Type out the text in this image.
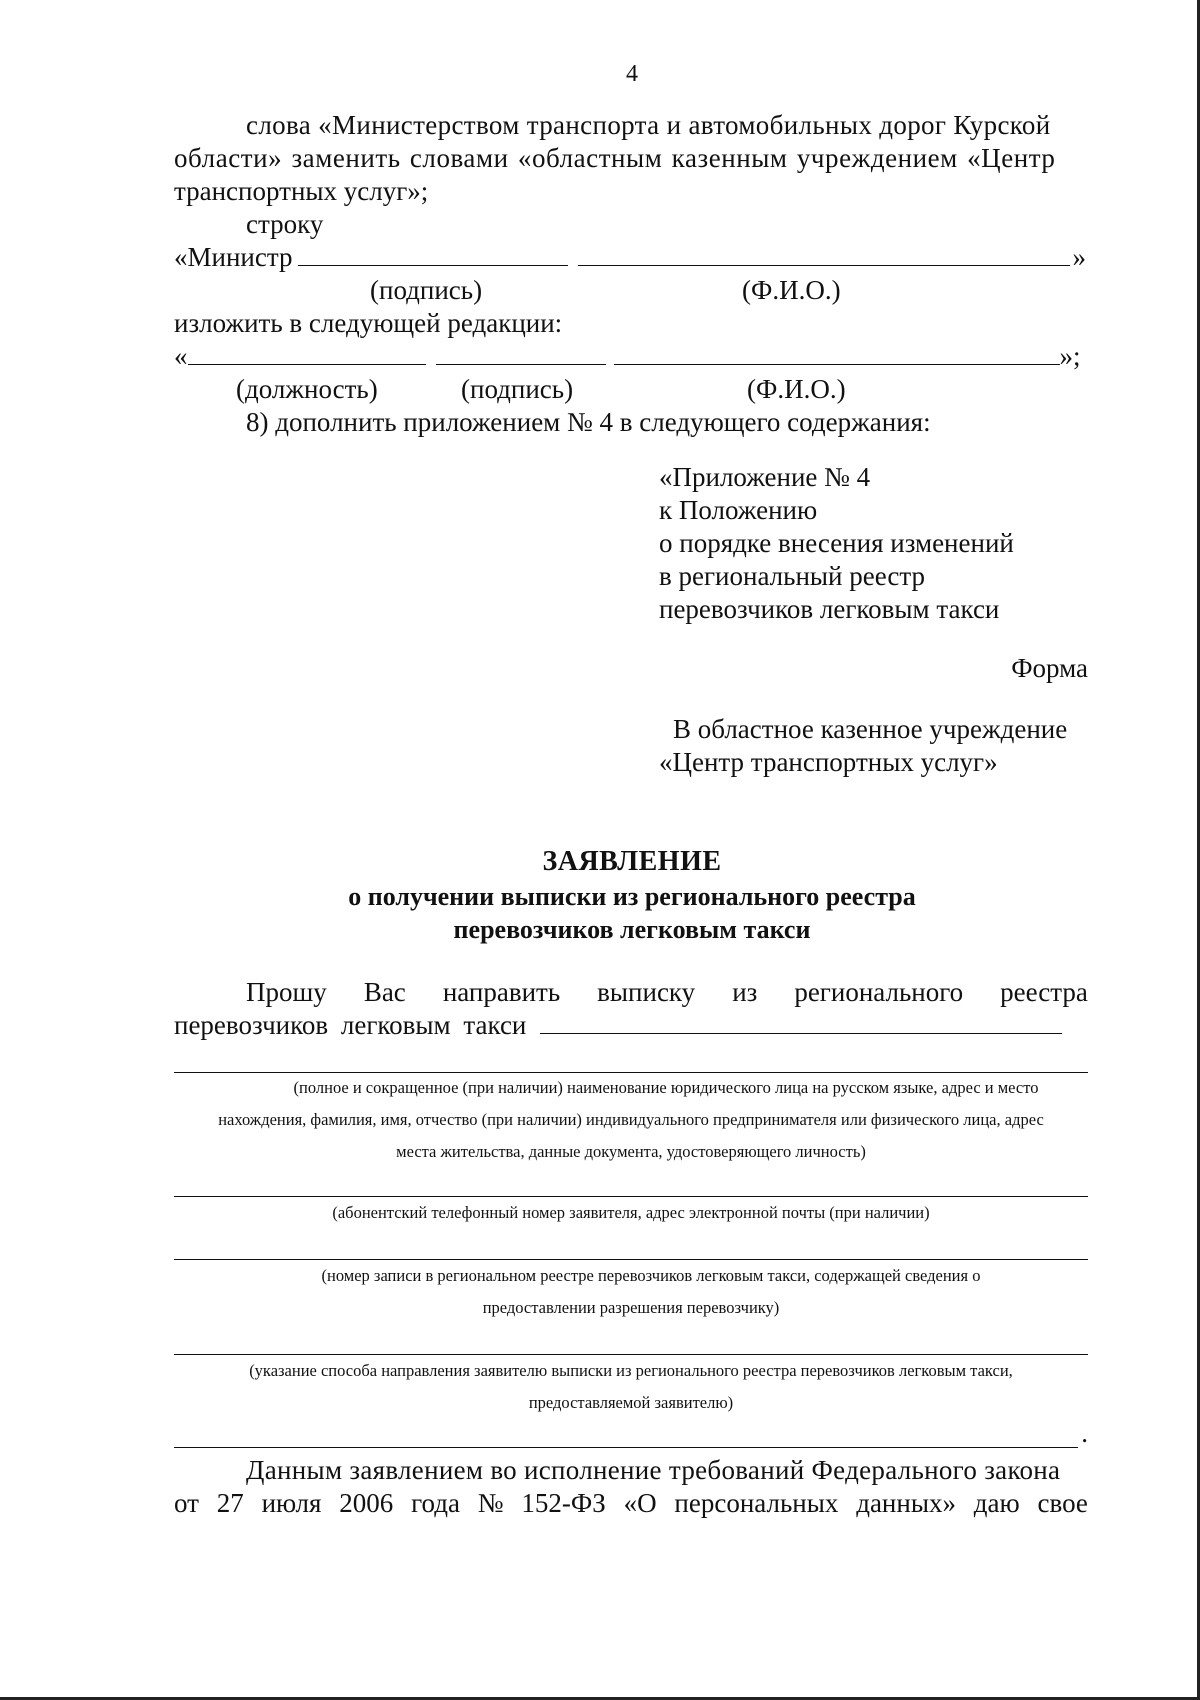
4
слова «Министерством транспорта и автомобильных дорог Курской
области» заменить словами «областным казенным учреждением «Центр
транспортных услуг»;
строку
«Министр	»
(подпись)	(Ф.И.О.)
изложить в следующей редакции:
«	»;
(должность)	(подпись)	(Ф.И.О.)
8) дополнить приложением № 4 в следующего содержания:
«Приложение № 4
к Положению
о порядке внесения изменений
в региональный реестр
перевозчиков легковым такси
Форма
В областное казенное учреждение
«Центр транспортных услуг»
ЗАЯВЛЕНИЕ
о получении выписки из регионального реестра
перевозчиков легковым такси
Прошу Вас направить выписку из регионального реестра
перевозчиков легковым такси
(полное и сокращенное (при наличии) наименование юридического лица на русском языке, адрес и место
нахождения, фамилия, имя, отчество (при наличии) индивидуального предпринимателя или физического лица, адрес
места жительства, данные документа, удостоверяющего личность)
(абонентский телефонный номер заявителя, адрес электронной почты (при наличии)
(номер записи в региональном реестре перевозчиков легковым такси, содержащей сведения о
предоставлении разрешения перевозчику)
(указание способа направления заявителю выписки из регионального реестра перевозчиков легковым такси,
предоставляемой заявителю)
.
Данным заявлением во исполнение требований Федерального закона
от 27 июля 2006 года № 152-ФЗ «О персональных данных» даю свое
